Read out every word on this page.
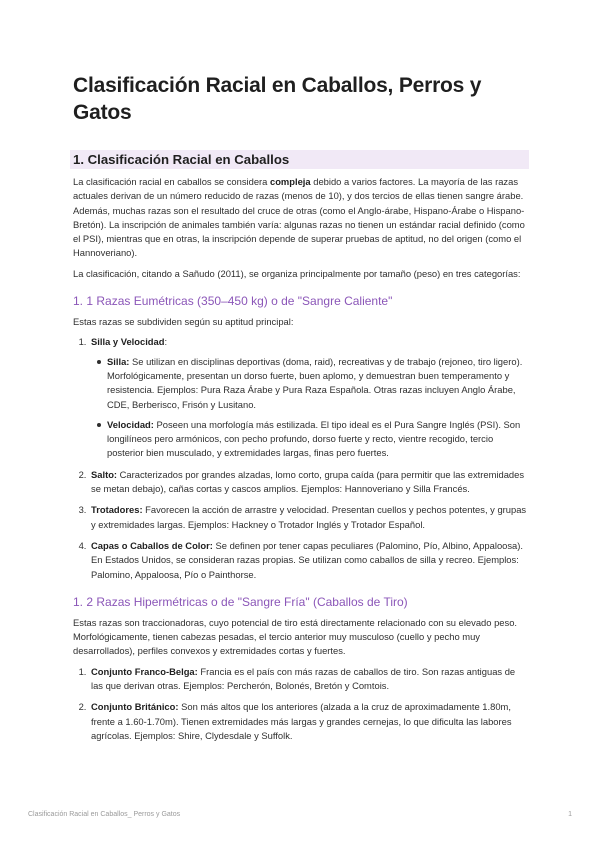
Clasificación Racial en Caballos, Perros y Gatos
1. Clasificación Racial en Caballos

La clasificación racial en caballos se considera compleja debido a varios factores. La mayoría de las razas actuales derivan de un número reducido de razas (menos de 10), y dos tercios de ellas tienen sangre árabe. Además, muchas razas son el resultado del cruce de otras (como el Anglo-árabe, Hispano-Árabe o Hispano-Bretón). La inscripción de animales también varía: algunas razas no tienen un estándar racial definido (como el PSI), mientras que en otras, la inscripción depende de superar pruebas de aptitud, no del origen (como el Hannoveriano).

La clasificación, citando a Sañudo (2011), se organiza principalmente por tamaño (peso) en tres categorías:

1. 1 Razas Eumétricas (350–450 kg) o de "Sangre Caliente"

Estas razas se subdividen según su aptitud principal:

1. Silla y Velocidad:
Silla: Se utilizan en disciplinas deportivas (doma, raid), recreativas y de trabajo (rejoneo, tiro ligero). Morfológicamente, presentan un dorso fuerte, buen aplomo, y demuestran buen temperamento y resistencia. Ejemplos: Pura Raza Árabe y Pura Raza Española. Otras razas incluyen Anglo Árabe, CDE, Berberisco, Frisón y Lusitano.
Velocidad: Poseen una morfología más estilizada. El tipo ideal es el Pura Sangre Inglés (PSI). Son longilíneos pero armónicos, con pecho profundo, dorso fuerte y recto, vientre recogido, tercio posterior bien musculado, y extremidades largas, finas pero fuertes.
2. Salto: Caracterizados por grandes alzadas, lomo corto, grupa caída (para permitir que las extremidades se metan debajo), cañas cortas y cascos amplios. Ejemplos: Hannoveriano y Silla Francés.
3. Trotadores: Favorecen la acción de arrastre y velocidad. Presentan cuellos y pechos potentes, y grupas y extremidades largas. Ejemplos: Hackney o Trotador Inglés y Trotador Español.
4. Capas o Caballos de Color: Se definen por tener capas peculiares (Palomino, Pío, Albino, Appaloosa). En Estados Unidos, se consideran razas propias. Se utilizan como caballos de silla y recreo. Ejemplos: Palomino, Appaloosa, Pío o Painthorse.
1. 2 Razas Hipermétricas o de "Sangre Fría" (Caballos de Tiro)

Estas razas son traccionadoras, cuyo potencial de tiro está directamente relacionado con su elevado peso. Morfológicamente, tienen cabezas pesadas, el tercio anterior muy musculoso (cuello y pecho muy desarrollados), perfiles convexos y extremidades cortas y fuertes.

1. Conjunto Franco-Belga: Francia es el país con más razas de caballos de tiro. Son razas antiguas de las que derivan otras. Ejemplos: Percherón, Bolonés, Bretón y Comtois.
2. Conjunto Británico: Son más altos que los anteriores (alzada a la cruz de aproximadamente 1.80m, frente a 1.60-1.70m). Tienen extremidades más largas y grandes cernejas, lo que dificulta las labores agrícolas. Ejemplos: Shire, Clydesdale y Suffolk.
Clasificación Racial en Caballos_ Perros y Gatos	1
